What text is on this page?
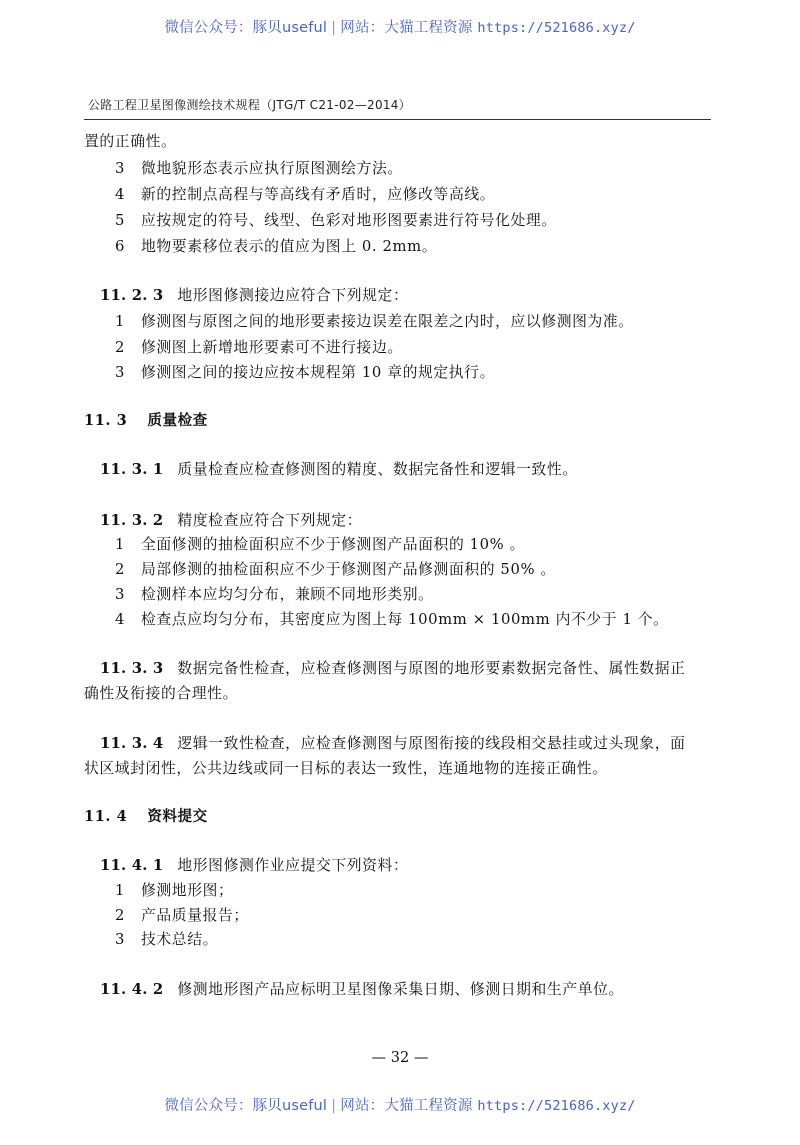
微信公众号：豚贝useful | 网站：大猫工程资源 https://521686.xyz/
公路工程卫星图像测绘技术规程（JTG/T C21-02—2014）
置的正确性。
3 微地貌形态表示应执行原图测绘方法。
4 新的控制点高程与等高线有矛盾时，应修改等高线。
5 应按规定的符号、线型、色彩对地形图要素进行符号化处理。
6 地物要素移位表示的值应为图上 0. 2mm。
11. 2. 3 地形图修测接边应符合下列规定：
1 修测图与原图之间的地形要素接边误差在限差之内时，应以修测图为准。
2 修测图上新增地形要素可不进行接边。
3 修测图之间的接边应按本规程第 10 章的规定执行。
11. 3 质量检查
11. 3. 1 质量检查应检查修测图的精度、数据完备性和逻辑一致性。
11. 3. 2 精度检查应符合下列规定：
1 全面修测的抽检面积应不少于修测图产品面积的 10% 。
2 局部修测的抽检面积应不少于修测图产品修测面积的 50% 。
3 检测样本应均匀分布，兼顾不同地形类别。
4 检查点应均匀分布，其密度应为图上每 100mm × 100mm 内不少于 1 个。
11. 3. 3 数据完备性检查，应检查修测图与原图的地形要素数据完备性、属性数据正
确性及衔接的合理性。
11. 3. 4 逻辑一致性检查，应检查修测图与原图衔接的线段相交悬挂或过头现象，面
状区域封闭性，公共边线或同一目标的表达一致性，连通地物的连接正确性。
11. 4 资料提交
11. 4. 1 地形图修测作业应提交下列资料：
1 修测地形图；
2 产品质量报告；
3 技术总结。
11. 4. 2 修测地形图产品应标明卫星图像采集日期、修测日期和生产单位。
— 32 —
微信公众号：豚贝useful | 网站：大猫工程资源 https://521686.xyz/
